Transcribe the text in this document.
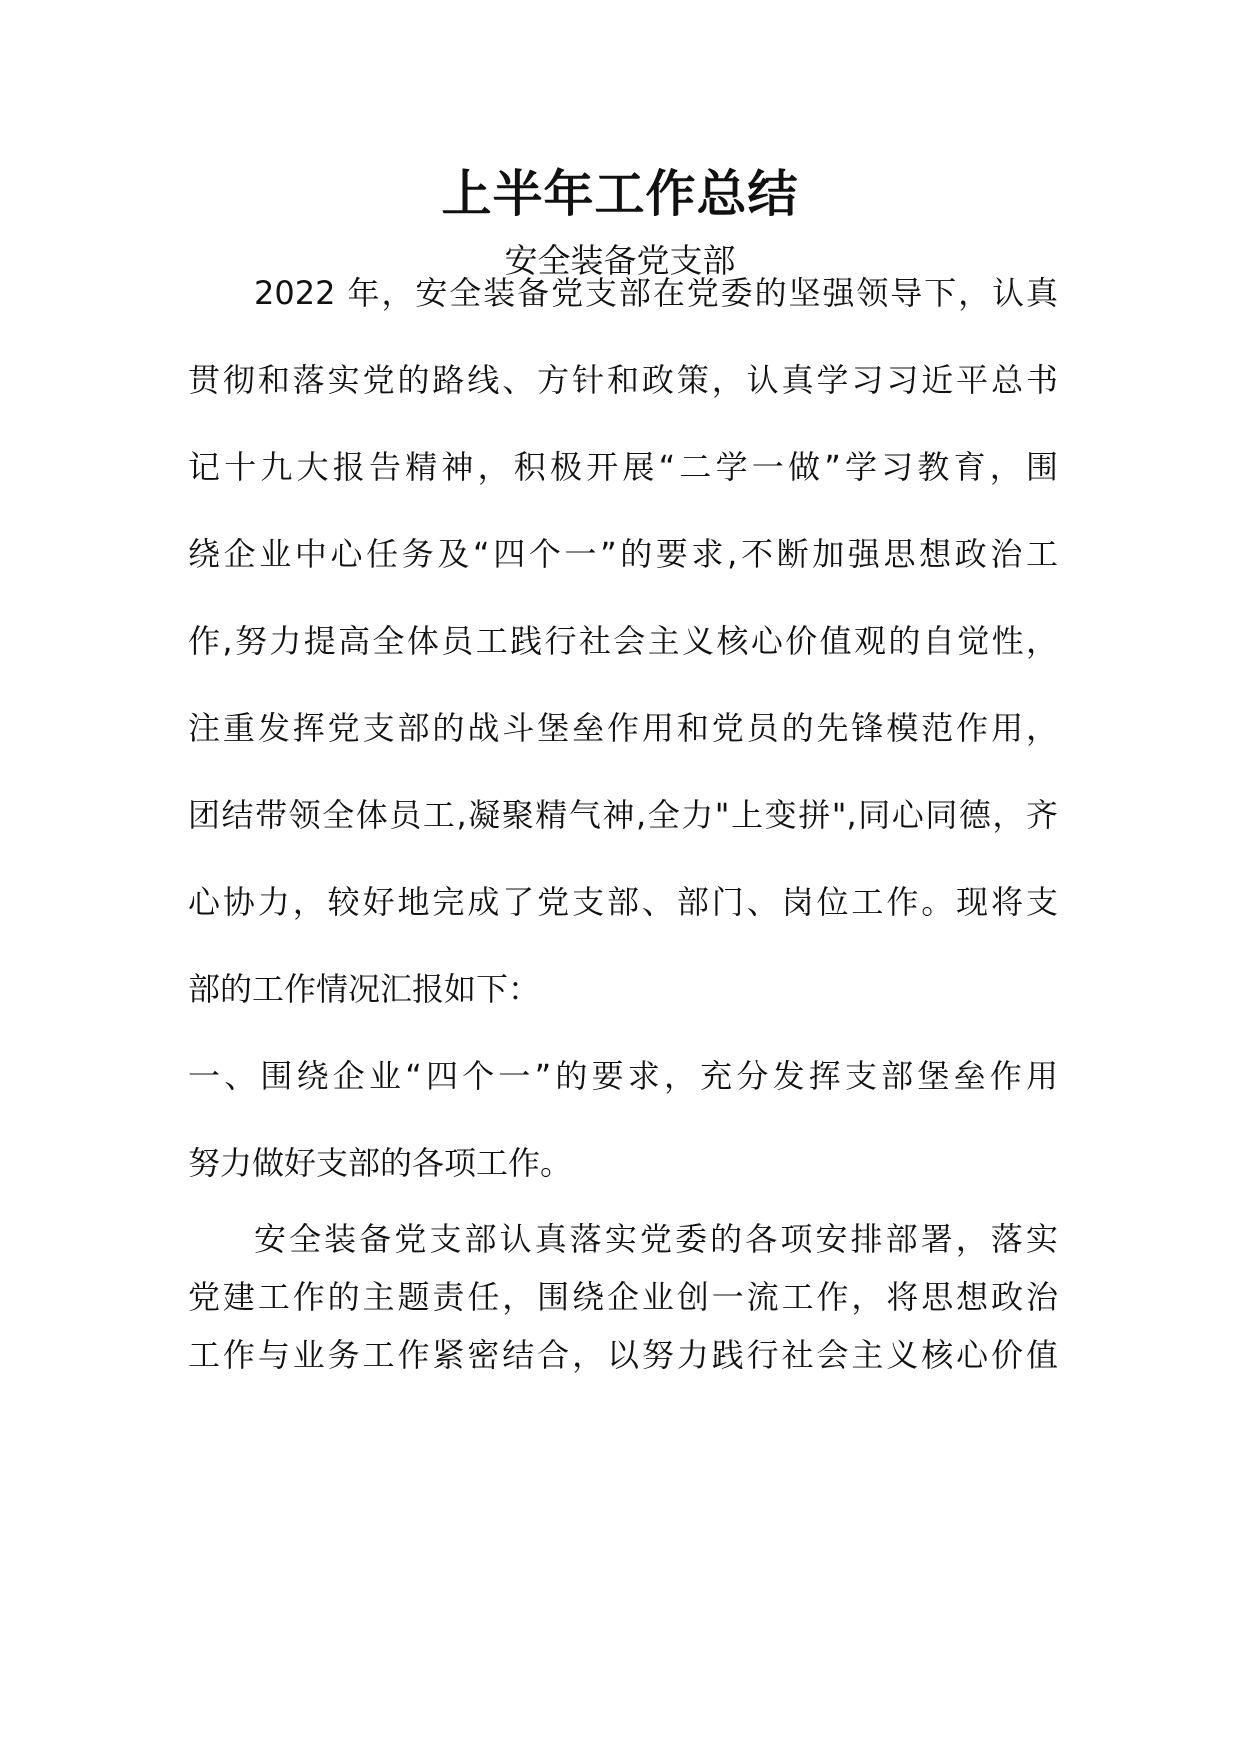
上半年工作总结
安全装备党支部
2022 年，安全装备党支部在党委的坚强领导下，认真
贯彻和落实党的路线、方针和政策，认真学习习近平总书
记十九大报告精神，积极开展“二学一做”学习教育，围
绕企业中心任务及“四个一”的要求,不断加强思想政治工
作,努力提高全体员工践行社会主义核心价值观的自觉性，
注重发挥党支部的战斗堡垒作用和党员的先锋模范作用，
团结带领全体员工,凝聚精气神,全力"上变拼",同心同德，齐
心协力，较好地完成了党支部、部门、岗位工作。现将支
部的工作情况汇报如下：
一、围绕企业“四个一”的要求，充分发挥支部堡垒作用
努力做好支部的各项工作。
安全装备党支部认真落实党委的各项安排部署，落实
党建工作的主题责任，围绕企业创一流工作，将思想政治
工作与业务工作紧密结合，以努力践行社会主义核心价值
